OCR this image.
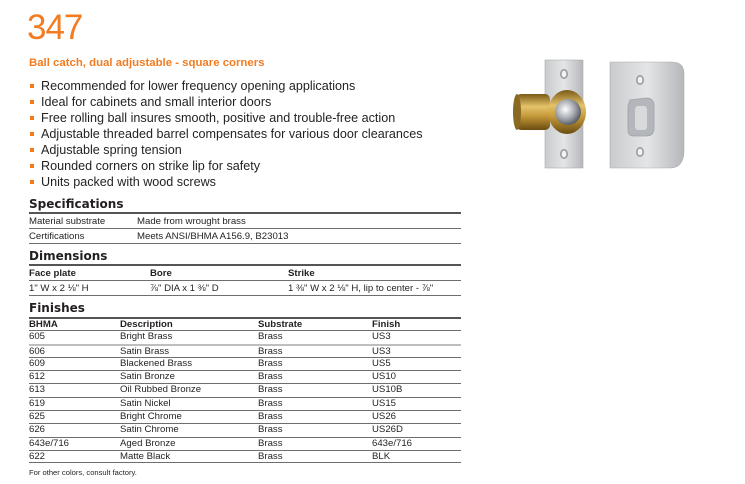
347
Ball catch, dual adjustable - square corners
Recommended for lower frequency opening applications
Ideal for cabinets and small interior doors
Free rolling ball insures smooth, positive and trouble-free action
Adjustable threaded barrel compensates for various door clearances
Adjustable spring tension
Rounded corners on strike lip for safety
Units packed with wood screws
Specifications
Material substrate	Made from wrought brass
Certifications	Meets ANSI/BHMA A156.9, B23013
Dimensions
Face plate	Bore	Strike
1" W x 2 ⅛" H	⅞" DIA x 1 ⅜" D	1 ⅜" W x 2 ⅛" H, lip to center - ⅞"
Finishes
BHMA	Description	Substrate	Finish
605	Bright Brass	Brass	US3
606	Satin Brass	Brass	US3
609	Blackened Brass	Brass	US5
612	Satin Bronze	Brass	US10
613	Oil Rubbed Bronze	Brass	US10B
619	Satin Nickel	Brass	US15
625	Bright Chrome	Brass	US26
626	Satin Chrome	Brass	US26D
643e/716	Aged Bronze	Brass	643e/716
622	Matte Black	Brass	BLK
For other colors, consult factory.
